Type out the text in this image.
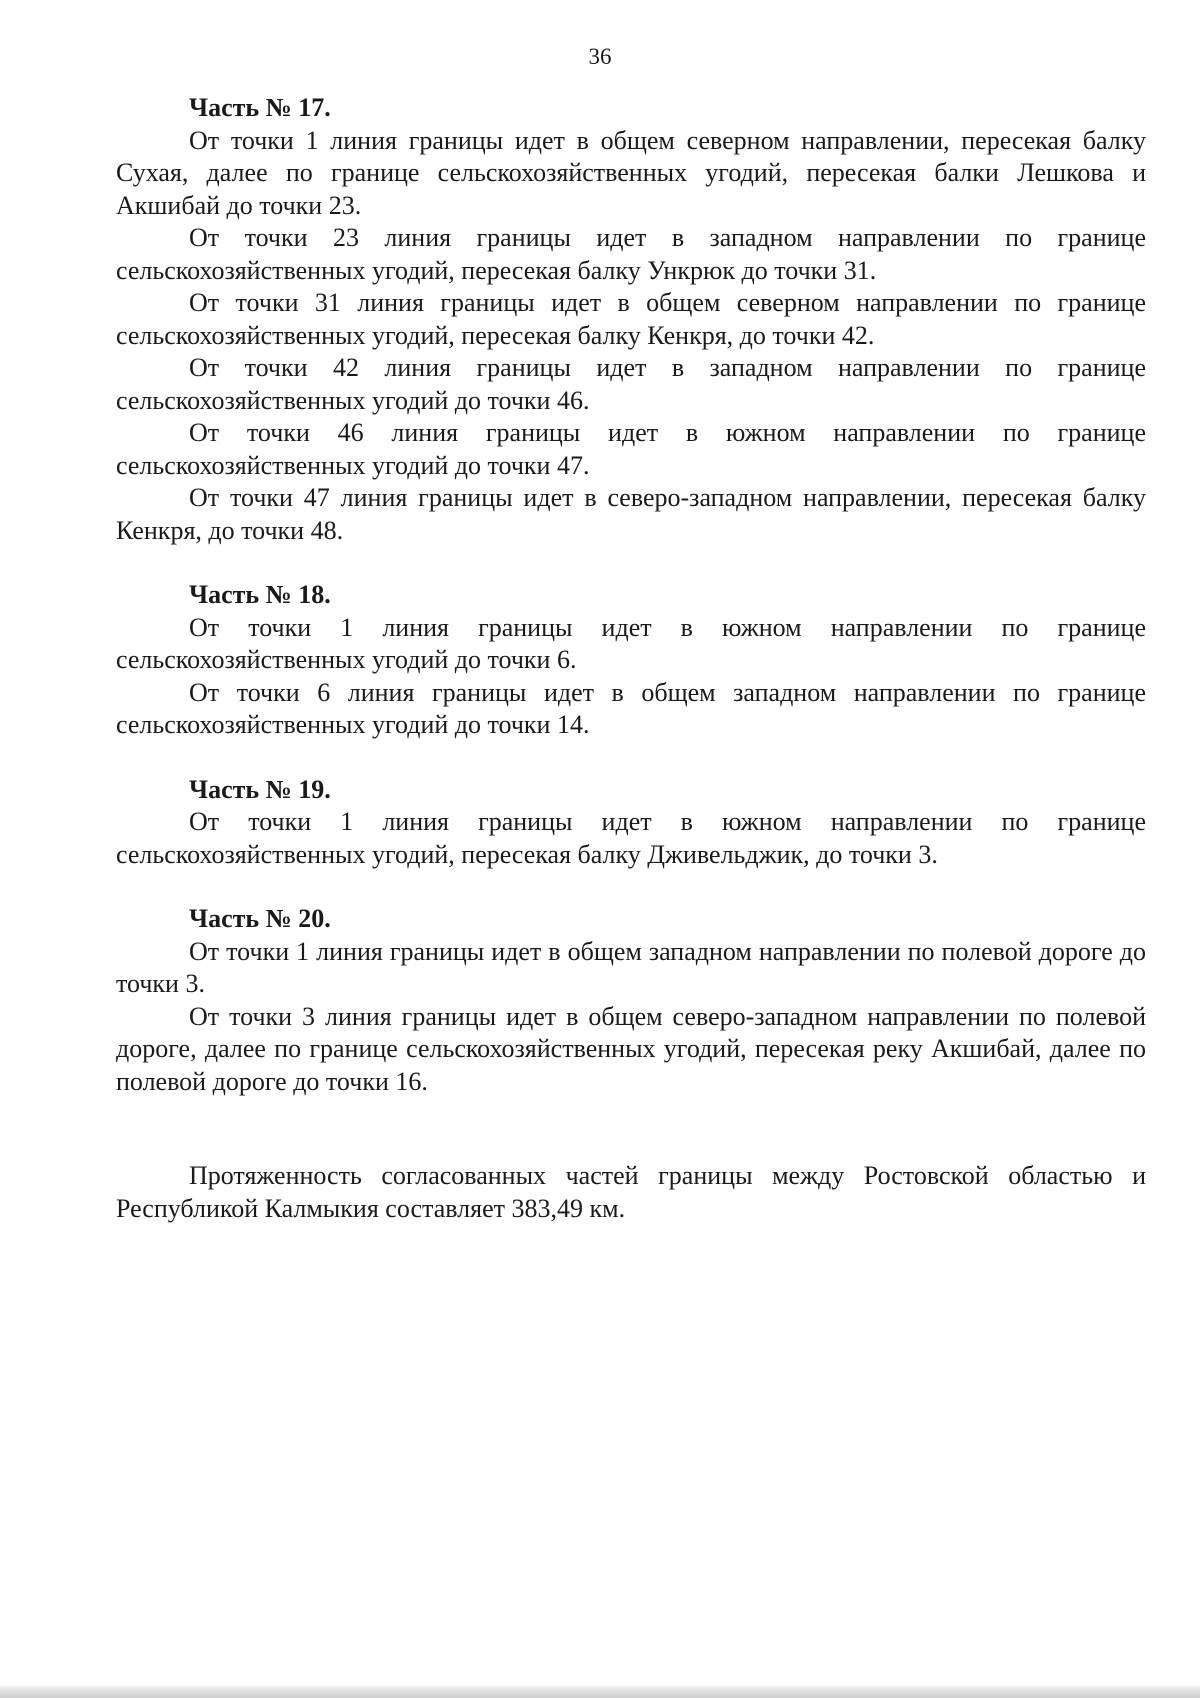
36

Часть № 17.

От точки 1 линия границы идет в общем северном направлении, пересекая балку Сухая, далее по границе сельскохозяйственных угодий, пересекая балки Лешкова и Акшибай до точки 23.

От точки 23 линия границы идет в западном направлении по границе сельскохозяйственных угодий, пересекая балку Ункрюк до точки 31.

От точки 31 линия границы идет в общем северном направлении по границе сельскохозяйственных угодий, пересекая балку Кенкря, до точки 42.

От точки 42 линия границы идет в западном направлении по границе сельскохозяйственных угодий до точки 46.

От точки 46 линия границы идет в южном направлении по границе сельскохозяйственных угодий до точки 47.

От точки 47 линия границы идет в северо-западном направлении, пересекая балку Кенкря, до точки 48.

Часть № 18.

От точки 1 линия границы идет в южном направлении по границе сельскохозяйственных угодий до точки 6.

От точки 6 линия границы идет в общем западном направлении по границе сельскохозяйственных угодий до точки 14.

Часть № 19.

От точки 1 линия границы идет в южном направлении по границе сельскохозяйственных угодий, пересекая балку Дживельджик, до точки 3.

Часть № 20.

От точки 1 линия границы идет в общем западном направлении по полевой дороге до точки 3.

От точки 3 линия границы идет в общем северо-западном направлении по полевой дороге, далее по границе сельскохозяйственных угодий, пересекая реку Акшибай, далее по полевой дороге до точки 16.

Протяженность согласованных частей границы между Ростовской областью и Республикой Калмыкия составляет 383,49 км.
